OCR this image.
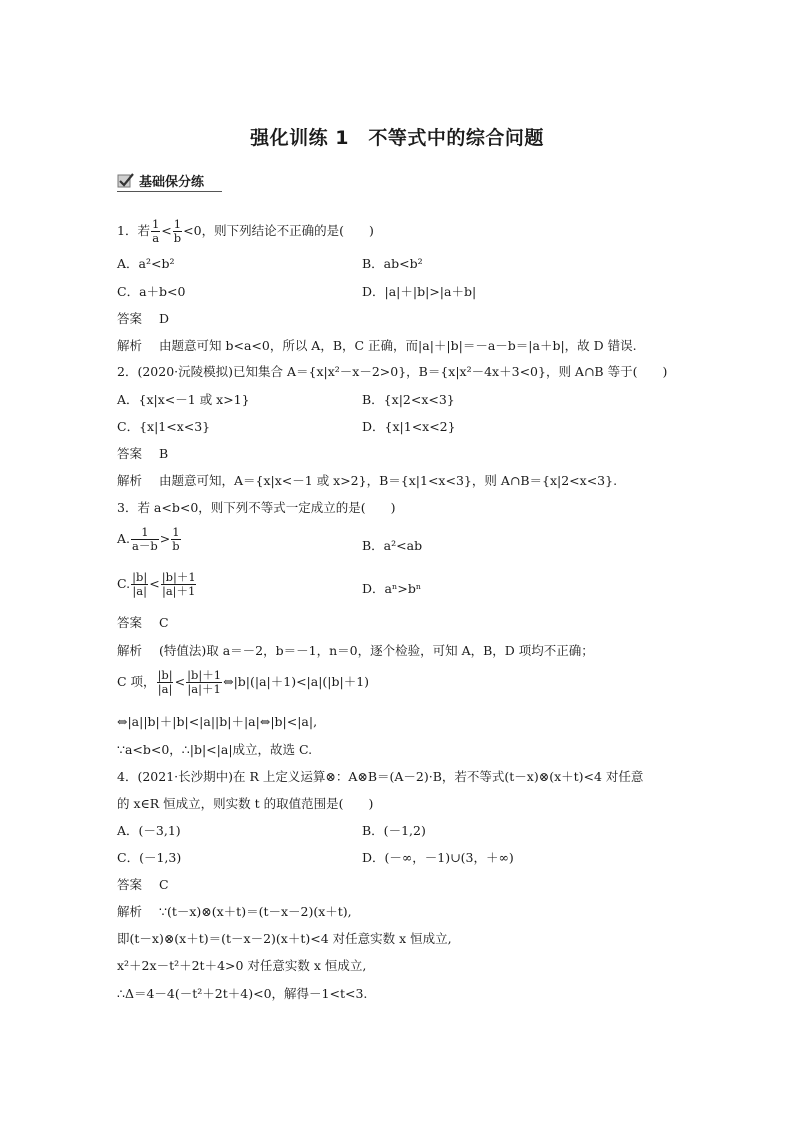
强化训练 1　不等式中的综合问题
基础保分练
1．若 $\frac{1}{a} < \frac{1}{b} <0$，则下列结论不正确的是(　　)
A．a²<b²	B．ab<b²
C．a＋b<0	D．|a|＋|b|>|a＋b|
答案 D
解析 由题意可知 b<a<0，所以 A，B，C 正确，而|a|＋|b|＝－a－b＝|a＋b|，故 D 错误.
2．(2020·沅陵模拟)已知集合 A＝{x|x²－x－2>0}，B＝{x|x²－4x＋3<0}，则 A∩B 等于(　　)
A．{x|x<－1 或 x>1}	B．{x|2<x<3}
C．{x|1<x<3}	D．{x|1<x<2}
答案 B
解析 由题意可知，A＝{x|x<－1 或 x>2}，B＝{x|1<x<3}，则 A∩B＝{x|2<x<3}.
3．若 a<b<0，则下列不等式一定成立的是(　　)
A. $\frac{1}{a-b} > \frac{1}{b}$	B．a²<ab
C. $\frac{|b|}{|a|} < \frac{|b|+1}{|a|+1}$	D．aⁿ>bⁿ
答案 C
解析 (特值法)取 a＝－2，b＝－1，n＝0，逐个检验，可知 A，B，D 项均不正确；
C 项， $\frac{|b|}{|a|} < \frac{|b|+1}{|a|+1}$ ⇔|b|(|a|＋1)<|a|(|b|＋1)
⇔|a||b|＋|b|<|a||b|＋|a|⇔|b|<|a|,
∵a<b<0，∴|b|<|a|成立，故选 C.
4．(2021·长沙期中)在 R 上定义运算⊗：A⊗B＝(A－2)·B，若不等式(t－x)⊗(x＋t)<4 对任意
的 x∈R 恒成立，则实数 t 的取值范围是(　　)
A．(－3,1)	B．(－1,2)
C．(－1,3)	D．(－∞，－1)∪(3，＋∞)
答案 C
解析 ∵(t－x)⊗(x＋t)＝(t－x－2)(x＋t),
即(t－x)⊗(x＋t)＝(t－x－2)(x＋t)<4 对任意实数 x 恒成立,
x²＋2x－t²＋2t＋4>0 对任意实数 x 恒成立,
∴Δ＝4－4(－t²＋2t＋4)<0，解得－1<t<3.
